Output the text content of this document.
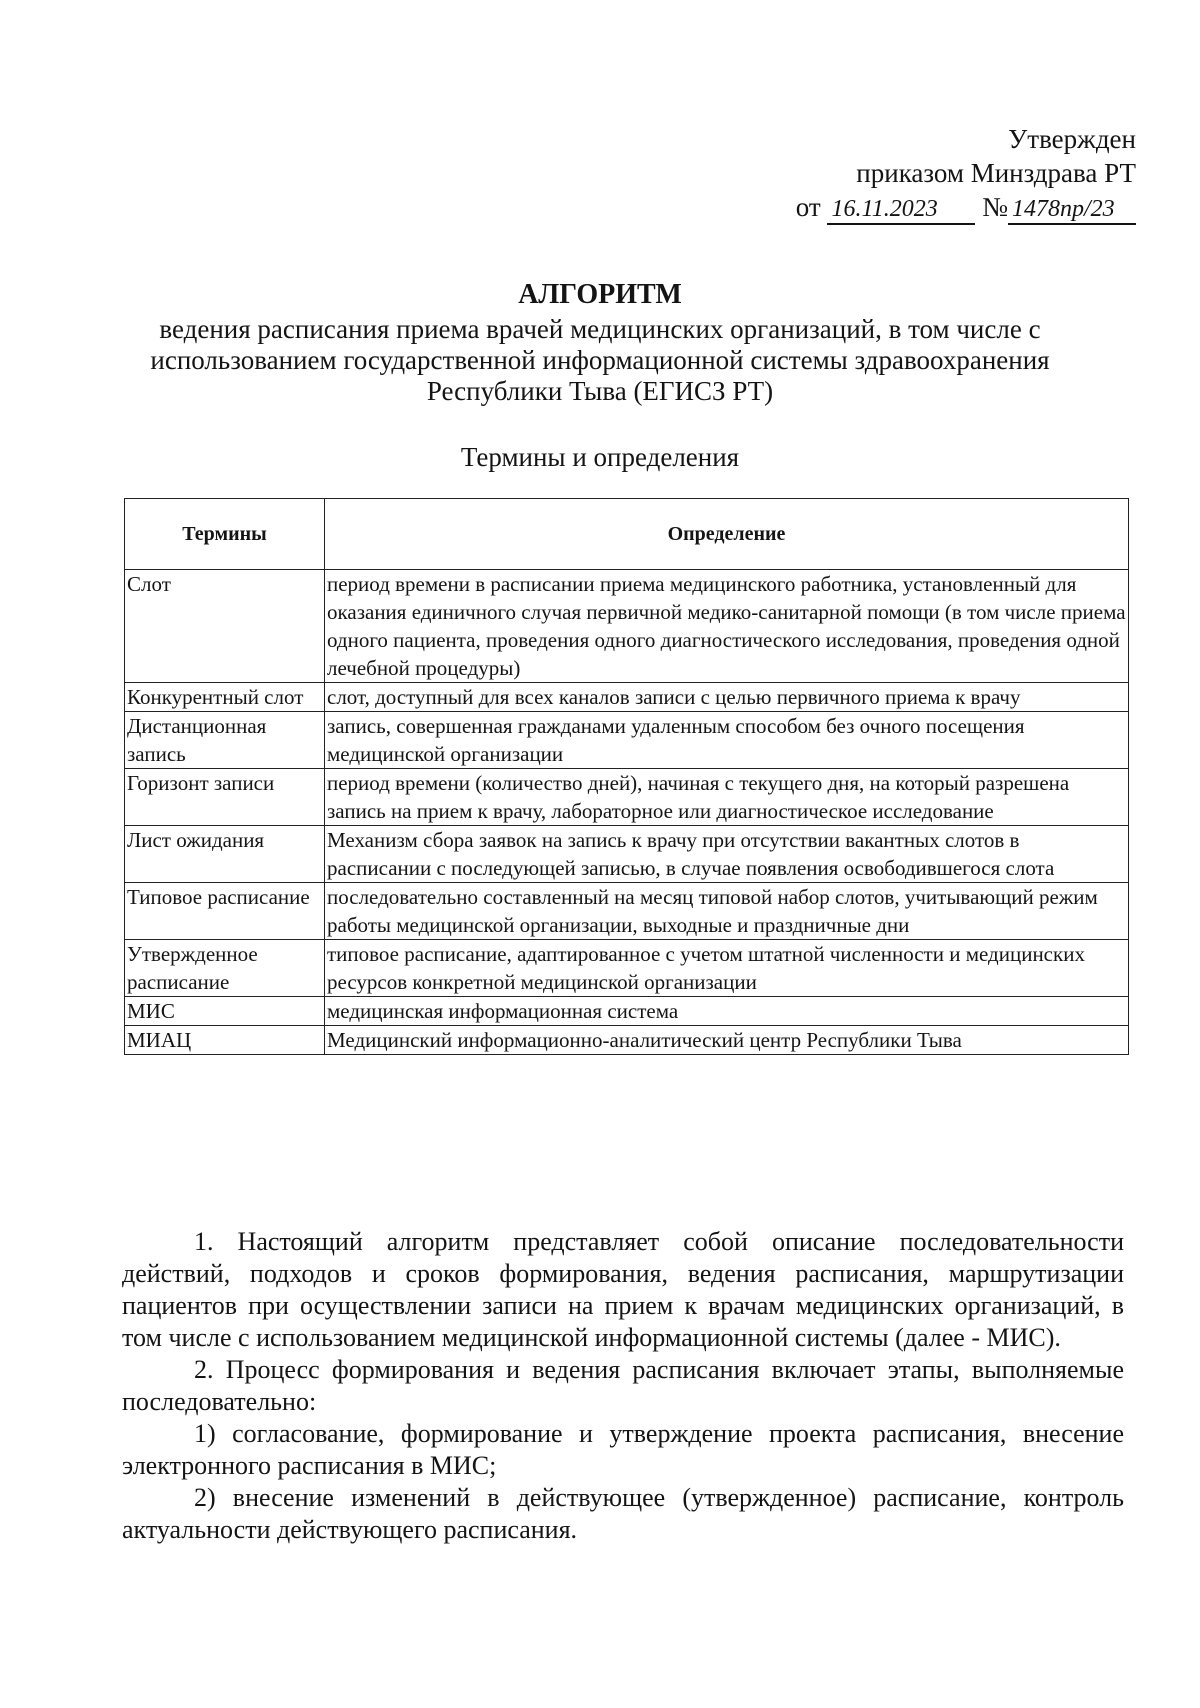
Утвержден
приказом Минздрава РТ
от 16.11.2023 № 1478пр/23
АЛГОРИТМ
ведения расписания приема врачей медицинских организаций, в том числе с использованием государственной информационной системы здравоохранения Республики Тыва (ЕГИСЗ РТ)
Термины и определения
Термины	Определение
Слот	период времени в расписании приема медицинского работника, установленный для оказания единичного случая первичной медико-санитарной помощи (в том числе приема одного пациента, проведения одного диагностического исследования, проведения одной лечебной процедуры)
Конкурентный слот	слот, доступный для всех каналов записи с целью первичного приема к врачу
Дистанционная запись	запись, совершенная гражданами удаленным способом без очного посещения медицинской организации
Горизонт записи	период времени (количество дней), начиная с текущего дня, на который разрешена запись на прием к врачу, лабораторное или диагностическое исследование
Лист ожидания	Механизм сбора заявок на запись к врачу при отсутствии вакантных слотов в расписании с последующей записью, в случае появления освободившегося слота
Типовое расписание	последовательно составленный на месяц типовой набор слотов, учитывающий режим работы медицинской организации, выходные и праздничные дни
Утвержденное расписание	типовое расписание, адаптированное с учетом штатной численности и медицинских ресурсов конкретной медицинской организации
МИС	медицинская информационная система
МИАЦ	Медицинский информационно-аналитический центр Республики Тыва

1. Настоящий алгоритм представляет собой описание последовательности действий, подходов и сроков формирования, ведения расписания, маршрутизации пациентов при осуществлении записи на прием к врачам медицинских организаций, в том числе с использованием медицинской информационной системы (далее - МИС).

2. Процесс формирования и ведения расписания включает этапы, выполняемые последовательно:

1) согласование, формирование и утверждение проекта расписания, внесение электронного расписания в МИС;

2) внесение изменений в действующее (утвержденное) расписание, контроль актуальности действующего расписания.
